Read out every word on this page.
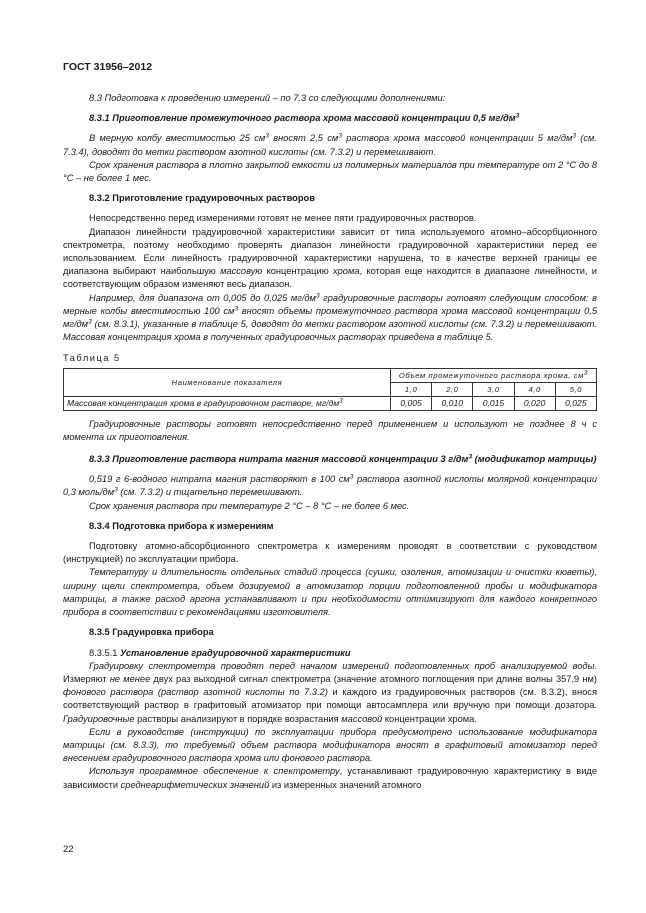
ГОСТ 31956–2012

8.3 Подготовка к проведению измерений – по 7.3 со следующими дополнениями:

8.3.1 Приготовление промежуточного раствора хрома массовой концентрации 0,5 $мг/дм^3$

В мерную колбу вместимостью 25 $см^3$ вносят 2,5 $см^3$ раствора хрома массовой концентрации 5 $мг/дм^3$ (см. 7.3.4), доводят до метки раствором азотной кислоты (см. 7.3.2) и перемешивают.

Срок хранения раствора в плотно закрытой емкости из полимерных материалов при температуре от 2 °С до 8 °С – не более 1 мес.

8.3.2 Приготовление градуировочных растворов

Непосредственно перед измерениями готовят не менее пяти градуировочных растворов.

Диапазон линейности градуировочной характеристики зависит от типа используемого атомно–абсорбционного спектрометра, поэтому необходимо проверять диапазон линейности градуировочной характеристики перед ее использованием. Если линейность градуировочной характеристики нарушена, то в качестве верхней границы ее диапазона выбирают наибольшую массовую концентрацию хрома, которая еще находится в диапазоне линейности, и соответствующим образом изменяют весь диапазон.

Например, для диапазона от 0,005 до 0,025 $мг/дм^3$ градуировочные растворы готовят следующим способом: в мерные колбы вместимостью 100 $см^3$ вносят объемы промежуточного раствора хрома массовой концентрации 0,5 $мг/дм^3$ (см. 8.3.1), указанные в таблице 5, доводят до метки раствором азотной кислоты (см. 7.3.2) и перемешивают. Массовая концентрация хрома в полученных градуировочных растворах приведена в таблице 5.

Таблица 5

Наименование показателя	Объем промежуточного раствора хрома, $см^3$
	1,0	2,0	3,0	4,0	5,0
Массовая концентрация хрома в градуировочном растворе, $мг/дм^3$	0,005	0,010	0,015	0,020	0,025

Градуировочные растворы готовят непосредственно перед применением и используют не позднее 8 ч с момента их приготовления.

8.3.3 Приготовление раствора нитрата магния массовой концентрации 3 $г/дм^3$ (модификатор матрицы)

0,519 г 6-водного нитрата магния растворяют в 100 $см^3$ раствора азотной кислоты молярной концентрации 0,3 моль/$дм^3$ (см. 7.3.2) и тщательно перемешивают.

Срок хранения раствора при температуре 2 °С – 8 °С – не более 6 мес.

8.3.4 Подготовка прибора к измерениям

Подготовку атомно-абсорбционного спектрометра к измерениям проводят в соответствии с руководством (инструкцией) по эксплуатации прибора.

Температуру и длительность отдельных стадий процесса (сушки, озоления, атомизации и очистки кюветы), ширину щели спектрометра, объем дозируемой в атомизатор порции подготовленной пробы и модификатора матрицы, а также расход аргона устанавливают и при необходимости оптимизируют для каждого конкретного прибора в соответствии с рекомендациями изготовителя.

8.3.5 Градуировка прибора

8.3.5.1 Установление градуировочной характеристики

Градуировку спектрометра проводят перед началом измерений подготовленных проб анализируемой воды. Измеряют не менее двух раз выходной сигнал спектрометра (значение атомного поглощения при длине волны 357,9 нм) фонового раствора (раствор азотной кислоты по 7.3.2) и каждого из градуировочных растворов (см. 8.3.2), внося соответствующий раствор в графитовый атомизатор при помощи автосамплера или вручную при помощи дозатора. Градуировочные растворы анализируют в порядке возрастания массовой концентрации хрома.

Если в руководстве (инструкции) по эксплуатации прибора предусмотрено использование модификатора матрицы (см. 8.3.3), то требуемый объем раствора модификатора вносят в графитовый атомизатор перед внесением градуировочного раствора хрома или фонового раствора.

Используя программное обеспечение к спектрометру, устанавливают градуировочную характеристику в виде зависимости среднеарифметических значений из измеренных значений атомного

22
